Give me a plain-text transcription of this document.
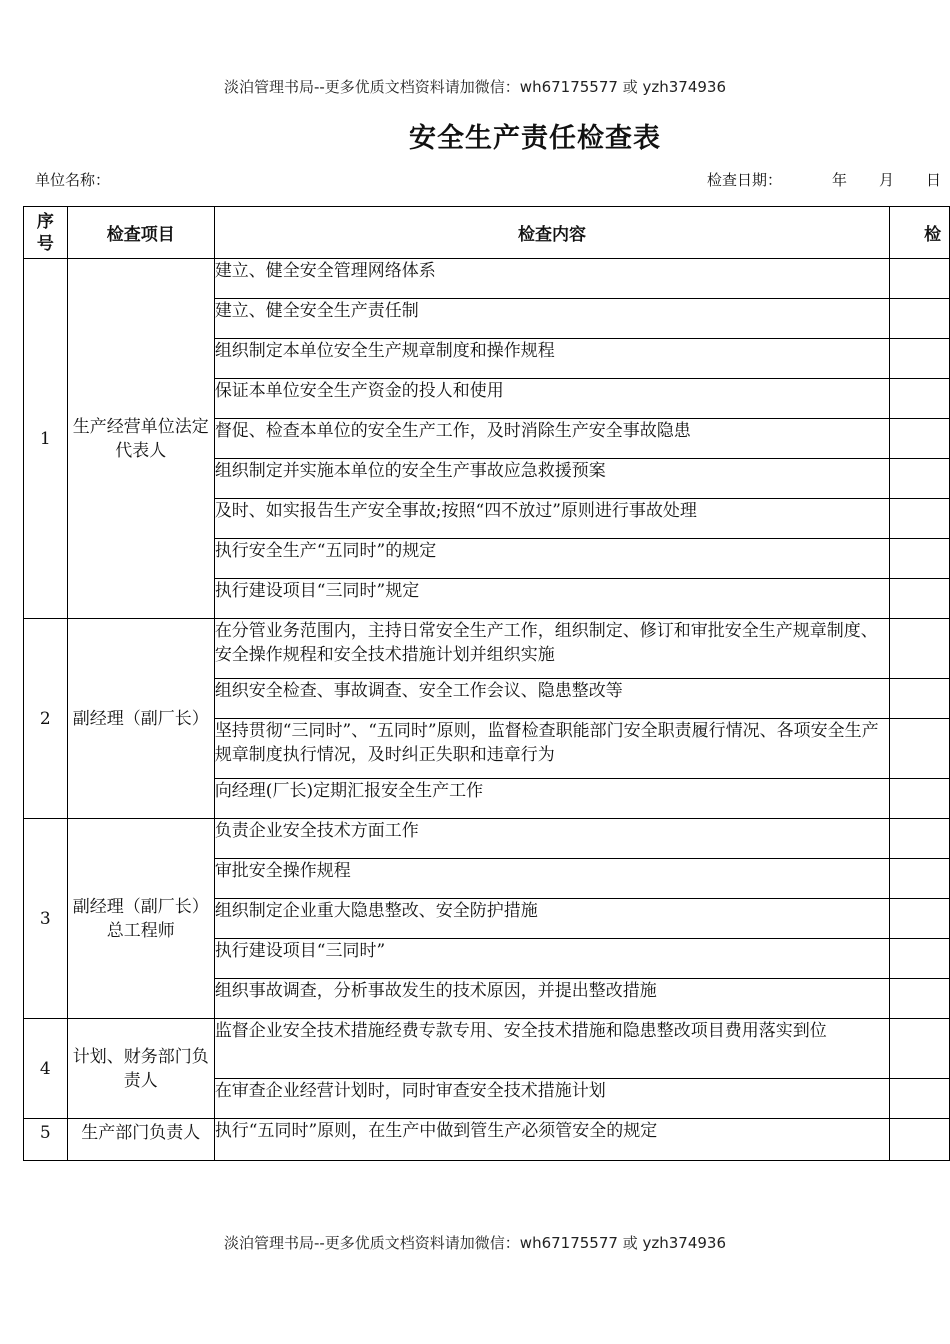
淡泊管理书局--更多优质文档资料请加微信：wh67175577 或 yzh374936
安全生产责任检查表
单位名称：	检查日期：	年 月 日
序号	检查项目	检查内容	检
1	生产经营单位法定代表人	建立、健全安全管理网络体系	
		建立、健全安全生产责任制	
		组织制定本单位安全生产规章制度和操作规程	
		保证本单位安全生产资金的投人和使用	
		督促、检查本单位的安全生产工作，及时消除生产安全事故隐患	
		组织制定并实施本单位的安全生产事故应急救援预案	
		及时、如实报告生产安全事故;按照“四不放过”原则进行事故处理	
		执行安全生产“五同时”的规定	
		执行建设项目“三同时”规定	
2	副经理（副厂长）	在分管业务范围内，主持日常安全生产工作，组织制定、修订和审批安全生产规章制度、安全操作规程和安全技术措施计划并组织实施	
		组织安全检查、事故调查、安全工作会议、隐患整改等	
		坚持贯彻“三同时”、“五同时”原则，监督检查职能部门安全职责履行情况、各项安全生产规章制度执行情况，及时纠正失职和违章行为	
		向经理(厂长)定期汇报安全生产工作	
3	副经理（副厂长）总工程师	负责企业安全技术方面工作	
		审批安全操作规程	
		组织制定企业重大隐患整改、安全防护措施	
		执行建设项目“三同时”	
		组织事故调查，分析事故发生的技术原因，并提出整改措施	
4	计划、财务部门负责人	监督企业安全技术措施经费专款专用、安全技术措施和隐患整改项目费用落实到位	
		在审查企业经营计划时，同时审查安全技术措施计划	
5	生产部门负责人	执行“五同时”原则，在生产中做到管生产必须管安全的规定	
淡泊管理书局--更多优质文档资料请加微信：wh67175577 或 yzh374936
